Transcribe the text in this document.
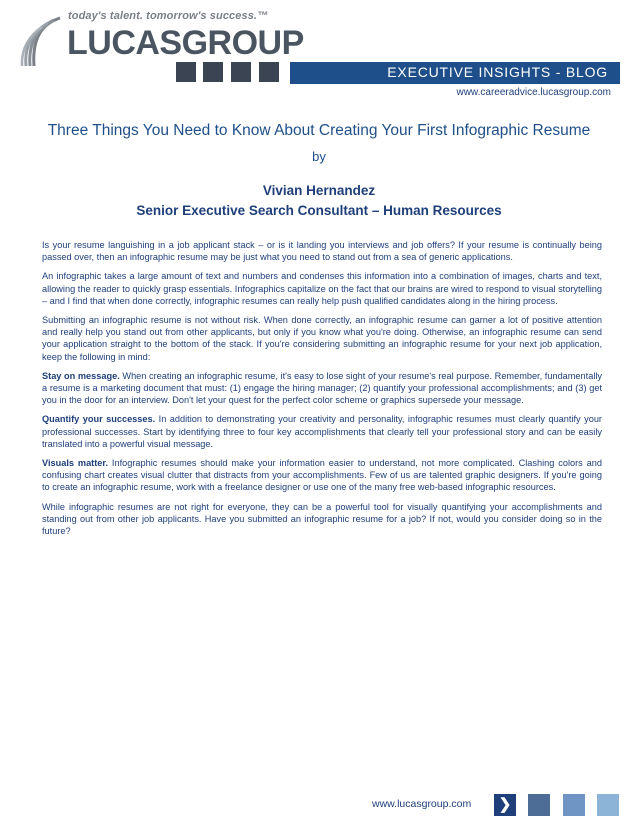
today's talent. tomorrow's success.™
LUCASGROUP
EXECUTIVE INSIGHTS - BLOG
www.careeradvice.lucasgroup.com
Three Things You Need to Know About Creating Your First Infographic Resume
by
Vivian Hernandez
Senior Executive Search Consultant – Human Resources

Is your resume languishing in a job applicant stack – or is it landing you interviews and job offers? If your resume is continually being passed over, then an infographic resume may be just what you need to stand out from a sea of generic applications.

An infographic takes a large amount of text and numbers and condenses this information into a combination of images, charts and text, allowing the reader to quickly grasp essentials. Infographics capitalize on the fact that our brains are wired to respond to visual storytelling – and I find that when done correctly, infographic resumes can really help push qualified candidates along in the hiring process.

Submitting an infographic resume is not without risk. When done correctly, an infographic resume can garner a lot of positive attention and really help you stand out from other applicants, but only if you know what you're doing. Otherwise, an infographic resume can send your application straight to the bottom of the stack. If you're considering submitting an infographic resume for your next job application, keep the following in mind:

Stay on message. When creating an infographic resume, it's easy to lose sight of your resume's real purpose. Remember, fundamentally a resume is a marketing document that must: (1) engage the hiring manager; (2) quantify your professional accomplishments; and (3) get you in the door for an interview. Don't let your quest for the perfect color scheme or graphics supersede your message.

Quantify your successes. In addition to demonstrating your creativity and personality, infographic resumes must clearly quantify your professional successes. Start by identifying three to four key accomplishments that clearly tell your professional story and can be easily translated into a powerful visual message.

Visuals matter. Infographic resumes should make your information easier to understand, not more complicated. Clashing colors and confusing chart creates visual clutter that distracts from your accomplishments. Few of us are talented graphic designers. If you're going to create an infographic resume, work with a freelance designer or use one of the many free web-based infographic resources.

While infographic resumes are not right for everyone, they can be a powerful tool for visually quantifying your accomplishments and standing out from other job applicants. Have you submitted an infographic resume for a job? If not, would you consider doing so in the future?

www.lucasgroup.com	❯
